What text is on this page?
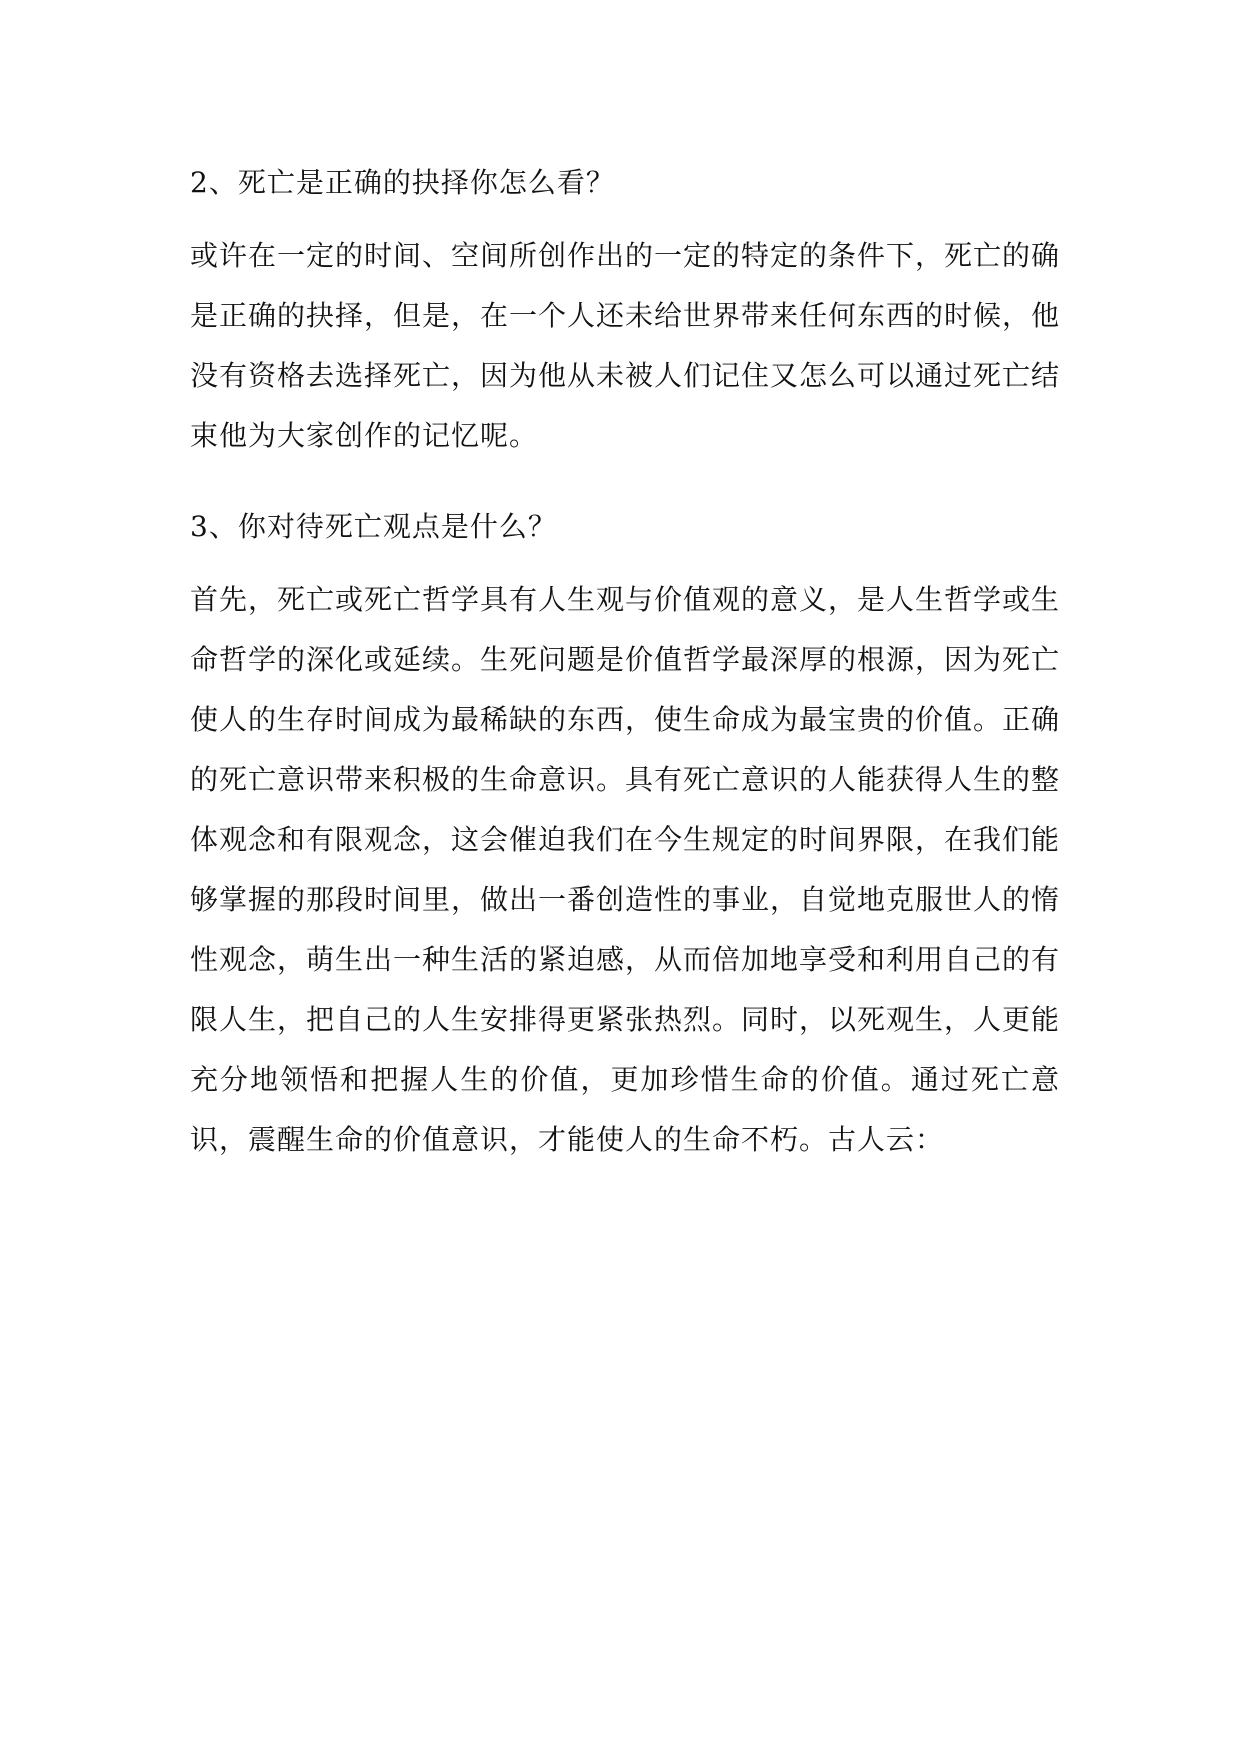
2、死亡是正确的抉择你怎么看？

或许在一定的时间、空间所创作出的一定的特定的条件下，死亡的确是正确的抉择，但是，在一个人还未给世界带来任何东西的时候，他没有资格去选择死亡，因为他从未被人们记住又怎么可以通过死亡结束他为大家创作的记忆呢。

3、你对待死亡观点是什么？

首先，死亡或死亡哲学具有人生观与价值观的意义，是人生哲学或生命哲学的深化或延续。生死问题是价值哲学最深厚的根源，因为死亡使人的生存时间成为最稀缺的东西，使生命成为最宝贵的价值。正确的死亡意识带来积极的生命意识。具有死亡意识的人能获得人生的整体观念和有限观念，这会催迫我们在今生规定的时间界限，在我们能够掌握的那段时间里，做出一番创造性的事业，自觉地克服世人的惰性观念，萌生出一种生活的紧迫感，从而倍加地享受和利用自己的有限人生，把自己的人生安排得更紧张热烈。同时，以死观生，人更能充分地领悟和把握人生的价值，更加珍惜生命的价值。通过死亡意识，震醒生命的价值意识，才能使人的生命不朽。古人云：
